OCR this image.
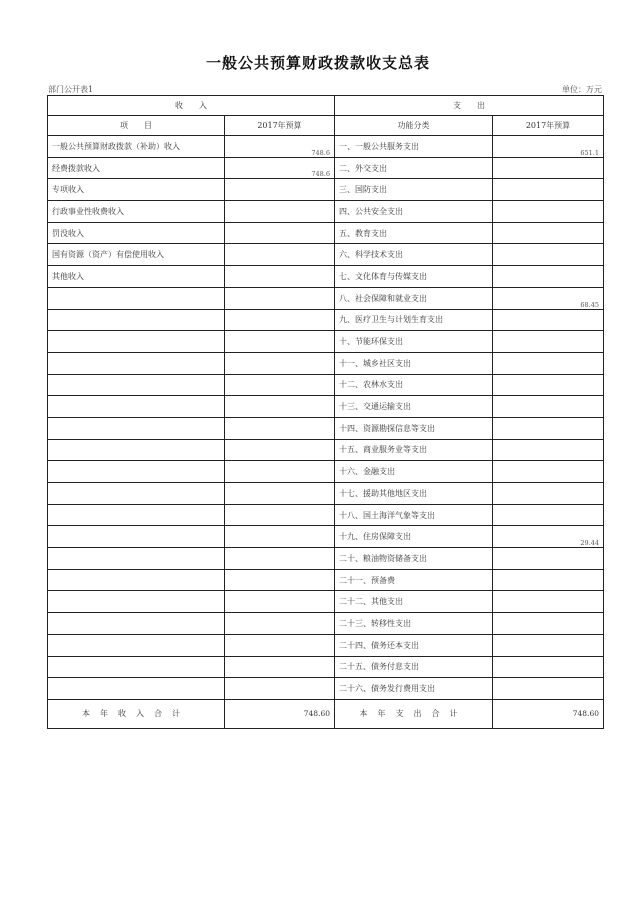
一般公共预算财政拨款收支总表
部门公开表1	单位：万元
收　　入		支　　出	
项　　目	2017年预算	功能分类	2017年预算
一般公共预算财政拨款（补助）收入	748.6	一、一般公共服务支出	651.1
经费拨款收入	748.6	二、外交支出	
专项收入		三、国防支出	
行政事业性收费收入		四、公共安全支出	
罚没收入		五、教育支出	
国有资源（资产）有偿使用收入		六、科学技术支出	
其他收入		七、文化体育与传媒支出	
		八、社会保障和就业支出	68.45
		九、医疗卫生与计划生育支出	
		十、节能环保支出	
		十一、城乡社区支出	
		十二、农林水支出	
		十三、交通运输支出	
		十四、资源勘探信息等支出	
		十五、商业服务业等支出	
		十六、金融支出	
		十七、援助其他地区支出	
		十八、国土海洋气象等支出	
		十九、住房保障支出	29.44
		二十、粮油物资储备支出	
		二十一、预备费	
		二十二、其他支出	
		二十三、转移性支出	
		二十四、债务还本支出	
		二十五、债务付息支出	
		二十六、债务发行费用支出	
本年收入合计	748.60	本年支出合计	748.60
